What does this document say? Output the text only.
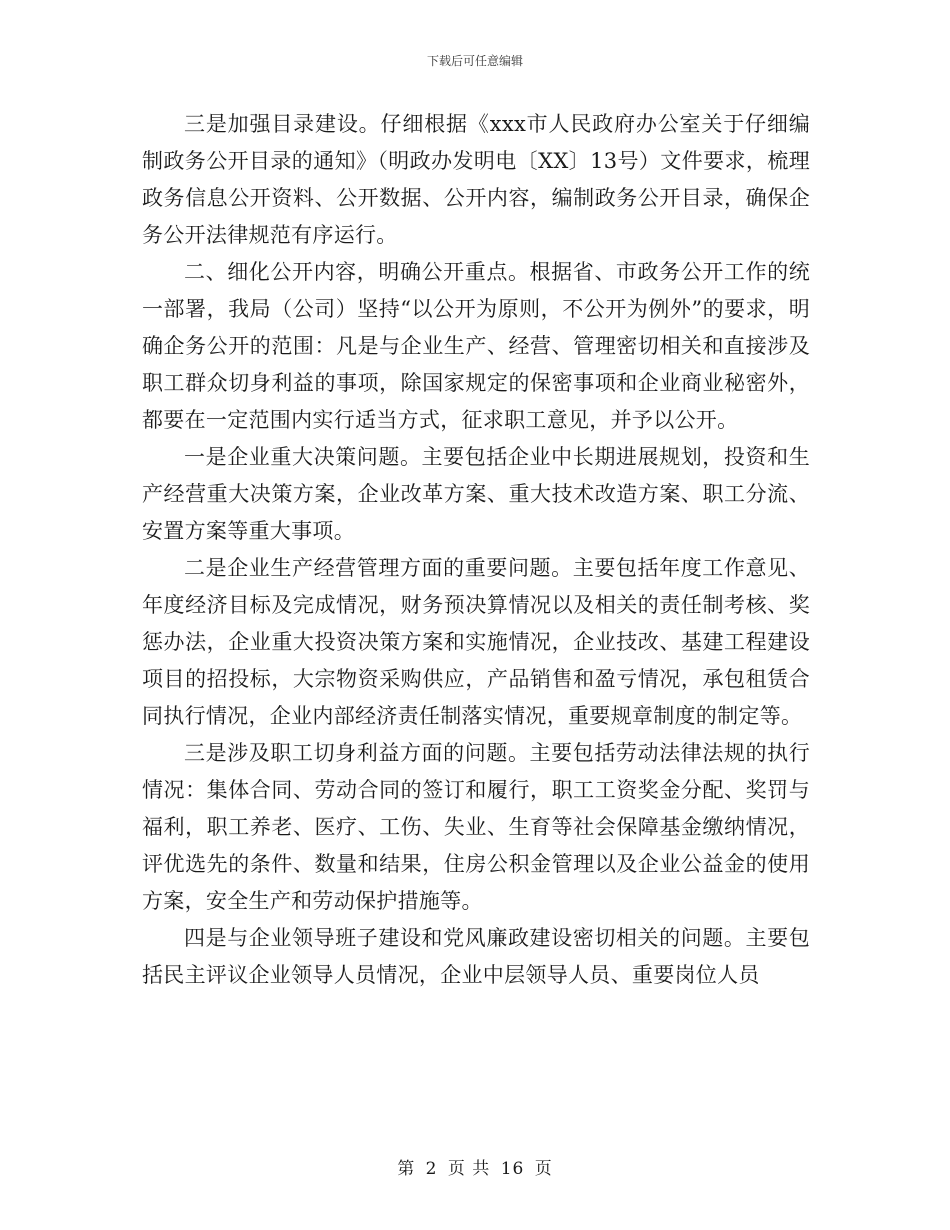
下载后可任意编辑

三是加强目录建设。仔细根据《xxx市人民政府办公室关于仔细编制政务公开目录的通知》（明政办发明电〔XX〕13号）文件要求，梳理政务信息公开资料、公开数据、公开内容，编制政务公开目录，确保企务公开法律规范有序运行。

二、细化公开内容，明确公开重点。根据省、市政务公开工作的统一部署，我局（公司）坚持“以公开为原则，不公开为例外”的要求，明确企务公开的范围：凡是与企业生产、经营、管理密切相关和直接涉及职工群众切身利益的事项，除国家规定的保密事项和企业商业秘密外，都要在一定范围内实行适当方式，征求职工意见，并予以公开。

一是企业重大决策问题。主要包括企业中长期进展规划，投资和生产经营重大决策方案，企业改革方案、重大技术改造方案、职工分流、安置方案等重大事项。

二是企业生产经营管理方面的重要问题。主要包括年度工作意见、年度经济目标及完成情况，财务预决算情况以及相关的责任制考核、奖惩办法，企业重大投资决策方案和实施情况，企业技改、基建工程建设项目的招投标，大宗物资采购供应，产品销售和盈亏情况，承包租赁合同执行情况，企业内部经济责任制落实情况，重要规章制度的制定等。

三是涉及职工切身利益方面的问题。主要包括劳动法律法规的执行情况：集体合同、劳动合同的签订和履行，职工工资奖金分配、奖罚与福利，职工养老、医疗、工伤、失业、生育等社会保障基金缴纳情况，评优选先的条件、数量和结果，住房公积金管理以及企业公益金的使用方案，安全生产和劳动保护措施等。

四是与企业领导班子建设和党风廉政建设密切相关的问题。主要包括民主评议企业领导人员情况，企业中层领导人员、重要岗位人员

第 2 页 共 16 页
